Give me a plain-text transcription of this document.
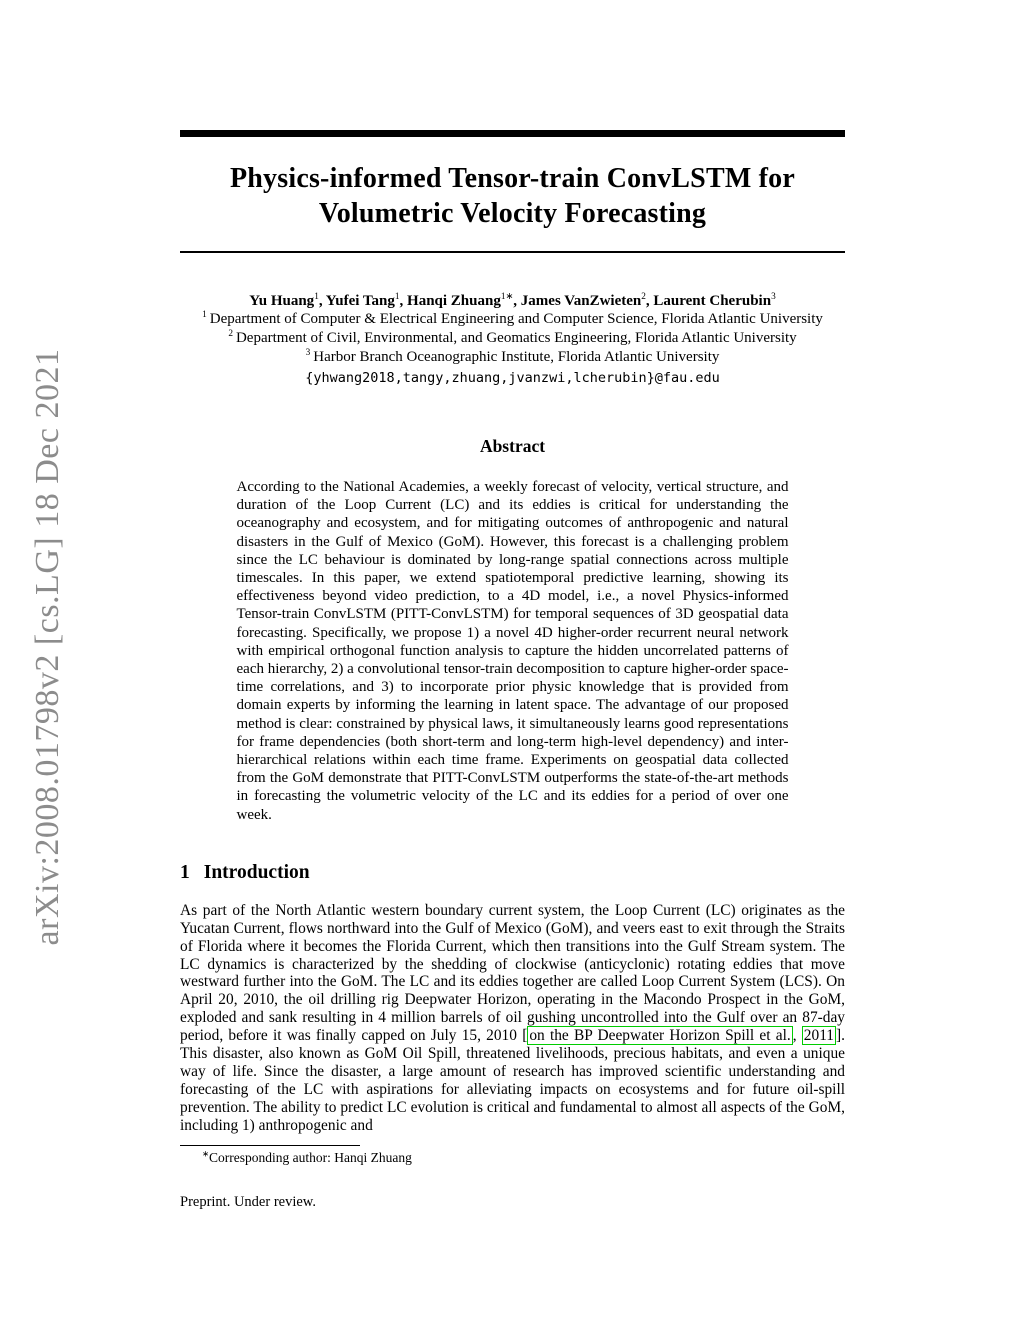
arXiv:2008.01798v2 [cs.LG] 18 Dec 2021
Physics-informed Tensor-train ConvLSTM for
Volumetric Velocity Forecasting
Yu Huang$^1$, Yufei Tang$^1$, Hanqi Zhuang$^{1∗}$, James VanZwieten$^2$, Laurent Cherubin$^3$
$^1$ Department of Computer & Electrical Engineering and Computer Science, Florida Atlantic University
$^2$ Department of Civil, Environmental, and Geomatics Engineering, Florida Atlantic University
$^3$ Harbor Branch Oceanographic Institute, Florida Atlantic University
{yhwang2018,tangy,zhuang,jvanzwi,lcherubin}@fau.edu
Abstract

According to the National Academies, a weekly forecast of velocity, vertical structure, and duration of the Loop Current (LC) and its eddies is critical for understanding the oceanography and ecosystem, and for mitigating outcomes of anthropogenic and natural disasters in the Gulf of Mexico (GoM). However, this forecast is a challenging problem since the LC behaviour is dominated by long-range spatial connections across multiple timescales. In this paper, we extend spatiotemporal predictive learning, showing its effectiveness beyond video prediction, to a 4D model, i.e., a novel Physics-informed Tensor-train ConvLSTM (PITT-ConvLSTM) for temporal sequences of 3D geospatial data forecasting. Specifically, we propose 1) a novel 4D higher-order recurrent neural network with empirical orthogonal function analysis to capture the hidden uncorrelated patterns of each hierarchy, 2) a convolutional tensor-train decomposition to capture higher-order space-time correlations, and 3) to incorporate prior physic knowledge that is provided from domain experts by informing the learning in latent space. The advantage of our proposed method is clear: constrained by physical laws, it simultaneously learns good representations for frame dependencies (both short-term and long-term high-level dependency) and inter-hierarchical relations within each time frame. Experiments on geospatial data collected from the GoM demonstrate that PITT-ConvLSTM outperforms the state-of-the-art methods in forecasting the volumetric velocity of the LC and its eddies for a period of over one week.

1 Introduction

As part of the North Atlantic western boundary current system, the Loop Current (LC) originates as the Yucatan Current, flows northward into the Gulf of Mexico (GoM), and veers east to exit through the Straits of Florida where it becomes the Florida Current, which then transitions into the Gulf Stream system. The LC dynamics is characterized by the shedding of clockwise (anticyclonic) rotating eddies that move westward further into the GoM. The LC and its eddies together are called Loop Current System (LCS). On April 20, 2010, the oil drilling rig Deepwater Horizon, operating in the Macondo Prospect in the GoM, exploded and sank resulting in 4 million barrels of oil gushing uncontrolled into the Gulf over an 87-day period, before it was finally capped on July 15, 2010 [ on the BP Deepwater Horizon Spill et al. , 2011 ]. This disaster, also known as GoM Oil Spill, threatened livelihoods, precious habitats, and even a unique way of life. Since the disaster, a large amount of research has improved scientific understanding and forecasting of the LC with aspirations for alleviating impacts on ecosystems and for future oil-spill prevention. The ability to predict LC evolution is critical and fundamental to almost all aspects of the GoM, including 1) anthropogenic and

∗Corresponding author: Hanqi Zhuang
Preprint. Under review.
